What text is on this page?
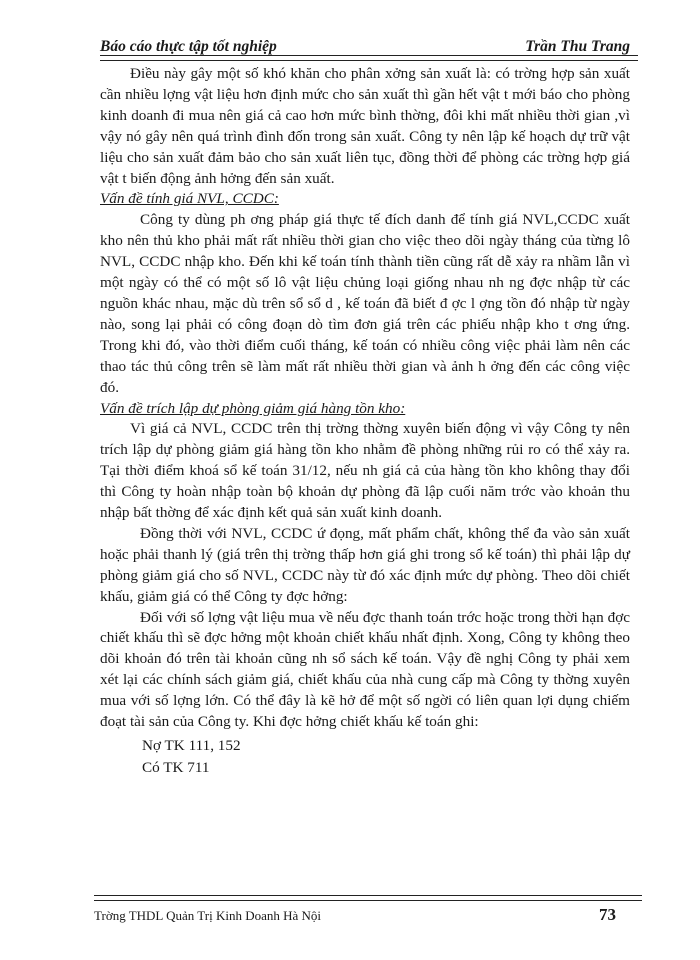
Báo cáo thực tập tốt nghiệp	Trần Thu Trang

Điều này gây một số khó khăn cho phân xởng sản xuất là: có trờng hợp sản xuất cần nhiều lợng vật liệu hơn định mức cho sản xuất thì gần hết vật t mới báo cho phòng kinh doanh đi mua nên giá cả cao hơn mức bình thờng, đôi khi mất nhiều thời gian ,vì vậy nó gây nên quá trình đình đốn trong sản xuất. Công ty nên lập kế hoạch dự trữ vật liệu cho sản xuất đảm bảo cho sản xuất liên tục, đồng thời để phòng các trờng hợp giá vật t biến động ảnh hởng đến sản xuất.

Vấn đề tính giá NVL, CCDC:

Công ty dùng ph ơng pháp giá thực tế đích danh để tính giá NVL,CCDC xuất kho nên thủ kho phải mất rất nhiều thời gian cho việc theo dõi ngày tháng của từng lô NVL, CCDC nhập kho. Đến khi kế toán tính thành tiền cũng rất dễ xảy ra nhầm lẫn vì một ngày có thể có một số lô vật liệu chủng loại giống nhau nh ng đợc nhập từ các nguồn khác nhau, mặc dù trên sổ sổ d , kế toán đã biết đ ợc l ợng tồn đó nhập từ ngày nào, song lại phải có công đoạn dò tìm đơn giá trên các phiếu nhập kho t ơng ứng. Trong khi đó, vào thời điểm cuối tháng, kế toán có nhiều công việc phải làm nên các thao tác thủ công trên sẽ làm mất rất nhiều thời gian và ảnh h ởng đến các công việc đó.

Vấn đề trích lập dự phòng giảm giá hàng tồn kho:

Vì giá cả NVL, CCDC trên thị trờng thờng xuyên biến động vì vậy Công ty nên trích lập dự phòng giảm giá hàng tồn kho nhằm đề phòng những rủi ro có thể xảy ra. Tại thời điểm khoá sổ kế toán 31/12, nếu nh giá cả của hàng tồn kho không thay đổi thì Công ty hoàn nhập toàn bộ khoản dự phòng đã lập cuối năm trớc vào khoản thu nhập bất thờng để xác định kết quả sản xuất kinh doanh.

Đồng thời với NVL, CCDC ứ đọng, mất phẩm chất, không thể đa vào sản xuất hoặc phải thanh lý (giá trên thị trờng thấp hơn giá ghi trong sổ kế toán) thì phải lập dự phòng giảm giá cho số NVL, CCDC này từ đó xác định mức dự phòng. Theo dõi chiết khấu, giảm giá có thể Công ty đợc hởng:

Đối với số lợng vật liệu mua về nếu đợc thanh toán trớc hoặc trong thời hạn đợc chiết khấu thì sẽ đợc hởng một khoản chiết khấu nhất định. Xong, Công ty không theo dõi khoản đó trên tài khoản cũng nh sổ sách kế toán. Vậy đề nghị Công ty phải xem xét lại các chính sách giảm giá, chiết khấu của nhà cung cấp mà Công ty thờng xuyên mua với số lợng lớn. Có thể đây là kẽ hở để một số ngời có liên quan lợi dụng chiếm đoạt tài sản của Công ty. Khi đợc hởng chiết khấu kế toán ghi:

Nợ TK 111, 152

Có TK 711

Trờng THDL Quản Trị Kinh Doanh Hà Nội	73
